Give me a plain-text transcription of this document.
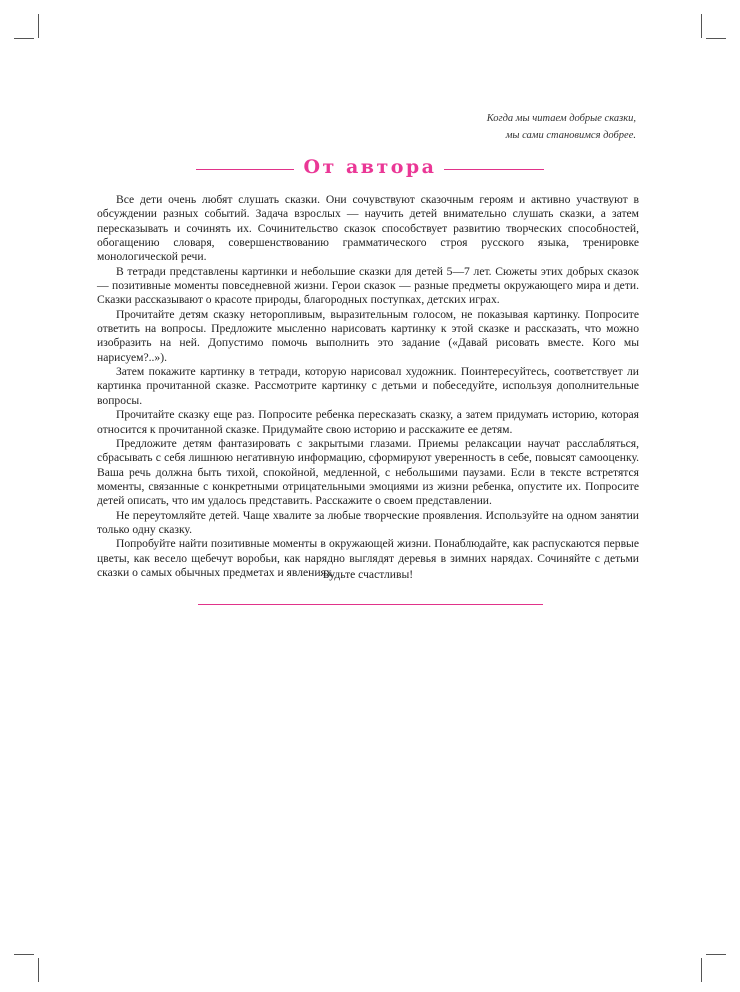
Когда мы читаем добрые сказки,
мы сами становимся добрее.
От автора

Все дети очень любят слушать сказки. Они сочувствуют сказочным героям и активно участвуют в обсуждении разных событий. Задача взрослых — научить детей внимательно слушать сказки, а затем пересказывать и сочинять их. Сочинительство сказок способствует развитию творческих способностей, обогащению словаря, совершенствованию грамматического строя русского языка, тренировке монологической речи.

В тетради представлены картинки и небольшие сказки для детей 5—7 лет. Сюжеты этих добрых сказок — позитивные моменты повседневной жизни. Герои сказок — разные предметы окружающего мира и дети. Сказки рассказывают о красоте природы, благородных поступках, детских играх.

Прочитайте детям сказку неторопливым, выразительным голосом, не показывая картинку. Попросите ответить на вопросы. Предложите мысленно нарисовать картинку к этой сказке и рассказать, что можно изобразить на ней. Допустимо помочь выполнить это задание («Давай рисовать вместе. Кого мы нарисуем?..»).

Затем покажите картинку в тетради, которую нарисовал художник. Поинтересуйтесь, соответствует ли картинка прочитанной сказке. Рассмотрите картинку с детьми и побеседуйте, используя дополнительные вопросы.

Прочитайте сказку еще раз. Попросите ребенка пересказать сказку, а затем придумать историю, которая относится к прочитанной сказке. Придумайте свою историю и расскажите ее детям.

Предложите детям фантазировать с закрытыми глазами. Приемы релаксации научат расслабляться, сбрасывать с себя лишнюю негативную информацию, сформируют уверенность в себе, повысят самооценку. Ваша речь должна быть тихой, спокойной, медленной, с небольшими паузами. Если в тексте встретятся моменты, связанные с конкретными отрицательными эмоциями из жизни ребенка, опустите их. Попросите детей описать, что им удалось представить. Расскажите о своем представлении.

Не переутомляйте детей. Чаще хвалите за любые творческие проявления. Используйте на одном занятии только одну сказку.

Попробуйте найти позитивные моменты в окружающей жизни. Понаблюдайте, как распускаются первые цветы, как весело щебечут воробьи, как нарядно выглядят деревья в зимних нарядах. Сочиняйте с детьми сказки о самых обычных предметах и явлениях.

Будьте счастливы!
